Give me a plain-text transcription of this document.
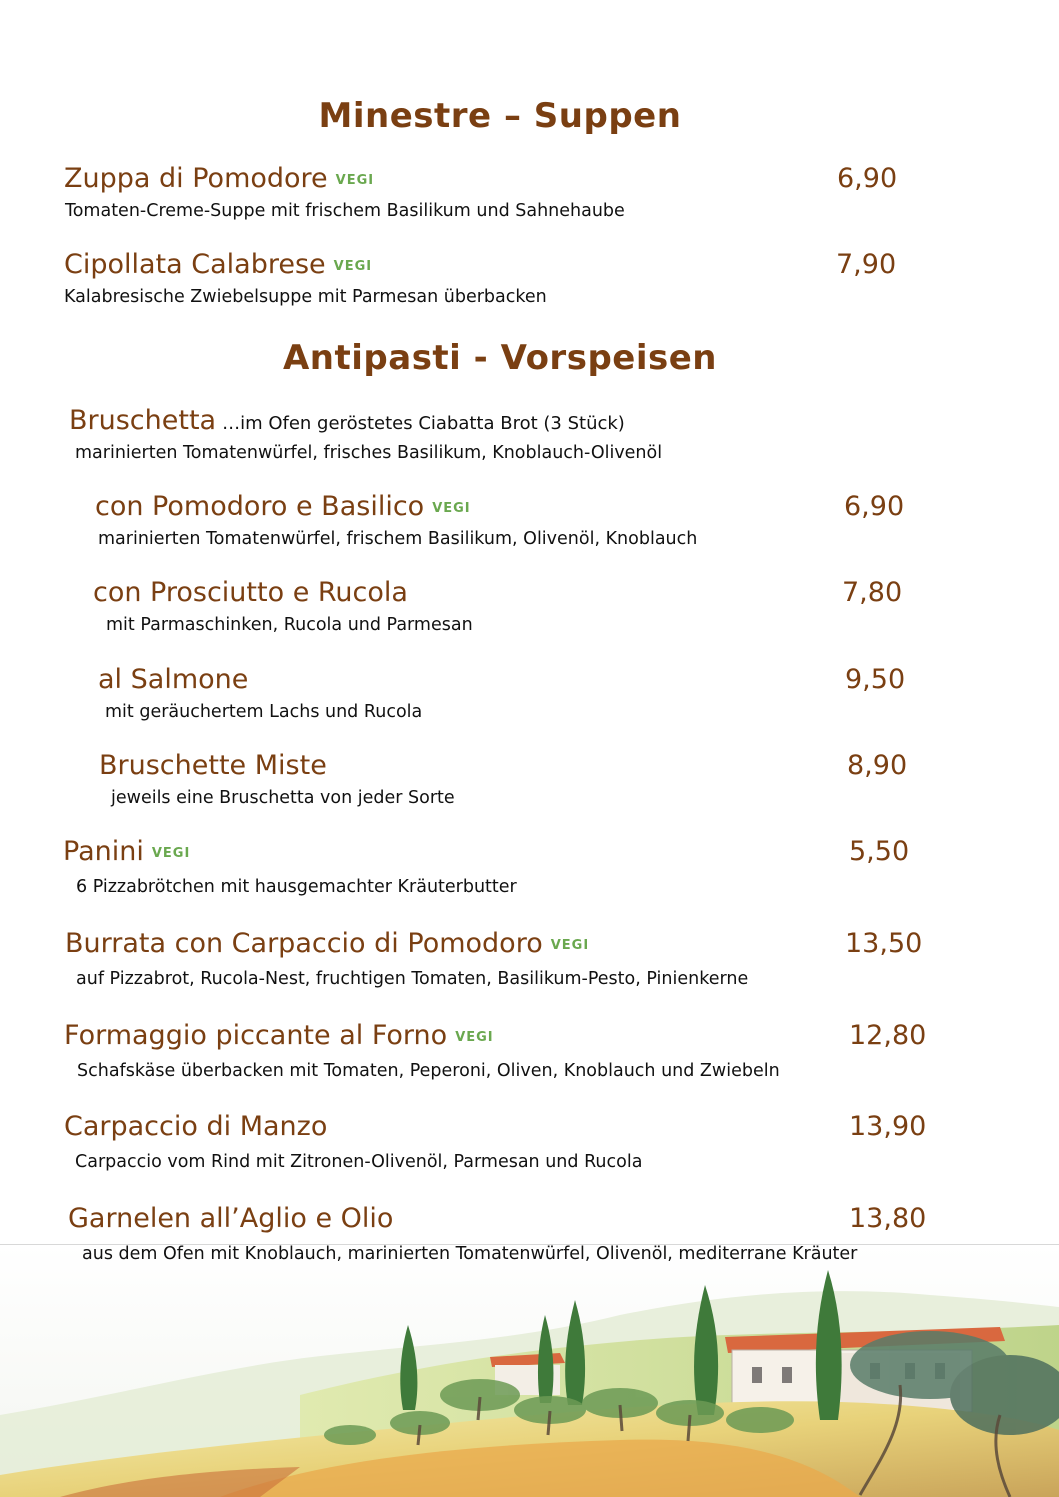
Minestre – Suppen
Zuppa di Pomodore VEGI	6,90
Tomaten-Creme-Suppe mit frischem Basilikum und Sahnehaube
Cipollata Calabrese VEGI	7,90
Kalabresische Zwiebelsuppe mit Parmesan überbacken
Antipasti - Vorspeisen
Bruschetta …im Ofen geröstetes Ciabatta Brot (3 Stück)
marinierten Tomatenwürfel, frisches Basilikum, Knoblauch-Olivenöl
con Pomodoro e Basilico VEGI	6,90
marinierten Tomatenwürfel, frischem Basilikum, Olivenöl, Knoblauch
con Prosciutto e Rucola	7,80
mit Parmaschinken, Rucola und Parmesan
al Salmone	9,50
mit geräuchertem Lachs und Rucola
Bruschette Miste	8,90
jeweils eine Bruschetta von jeder Sorte
Panini VEGI	5,50
6 Pizzabrötchen mit hausgemachter Kräuterbutter
Burrata con Carpaccio di Pomodoro VEGI	13,50
auf Pizzabrot, Rucola-Nest, fruchtigen Tomaten, Basilikum-Pesto, Pinienkerne
Formaggio piccante al Forno VEGI	12,80
Schafskäse überbacken mit Tomaten, Peperoni, Oliven, Knoblauch und Zwiebeln
Carpaccio di Manzo	13,90
Carpaccio vom Rind mit Zitronen-Olivenöl, Parmesan und Rucola
Garnelen all’Aglio e Olio	13,80
aus dem Ofen mit Knoblauch, marinierten Tomatenwürfel, Olivenöl, mediterrane Kräuter
